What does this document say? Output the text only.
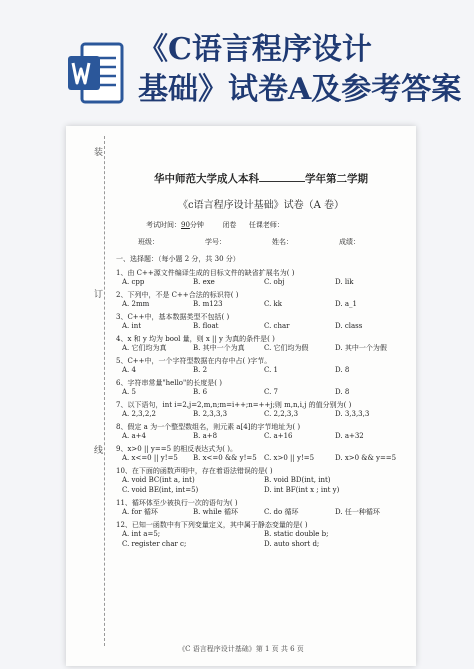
《C语言程序设计
基础》试卷A及参考答案
装
订
线
华中师范大学成人本科	学年第二学期
《c语言程序设计基础》试卷（A 卷）
考试时间：90分钟	闭卷 任课老师：
班级：	学号：	姓名：	成绩：
一、选择题：（每小题 2 分，共 30 分）
1、由 C++源文件编译生成的目标文件的缺省扩展名为( )
A. cpp	B. exe	C. obj	D. lik
2、下列中，不是 C++合法的标识符( )
A. 2mm	B. m123	C. kk	D. a_1
3、C++中，基本数据类型不包括( )
A. int	B. float	C. char	D. class
4、x 和 y 均为 bool 量，则 x || y 为真的条件是( )
A. 它们均为真	B. 其中一个为真	C. 它们均为假	D. 其中一个为假
5、C++中，一个字符型数据在内存中占( )字节。
A. 4	B. 2	C. 1	D. 8
6、字符串常量"hello"的长度是( )
A. 5	B. 6	C. 7	D. 8
7、以下语句，int i=2,j=2,m,n;m=i++;n=++j;则 m,n,i,j 的值分别为( )
A. 2,3,2,2	B. 2,3,3,3	C. 2,2,3,3	D. 3,3,3,3
8、假定 a 为一个整型数组名，则元素 a[4]的字节地址为( )
A. a+4	B. a+8	C. a+16	D. a+32
9、x>0 || y==5 的相反表达式为( )。
A. x<=0 || y!=5	B. x<=0 && y!=5	C. x>0 || y!=5	D. x>0 && y==5
10、在下面的函数声明中，存在着语法错误的是( )
A. void BC(int a, int)	B. void BD(int, int)
C. void BE(int, int=5)	D. int BF(int x ; int y)
11、循环体至少被执行一次的语句为( )
A. for 循环	B. while 循环	C. do 循环	D. 任一种循环
12、已知一函数中有下列变量定义，其中属于静态变量的是( )
A. int a=5;	B. static double b;
C. register char c;	D. auto short d;
《C 语言程序设计基础》第 1 页 共 6 页
